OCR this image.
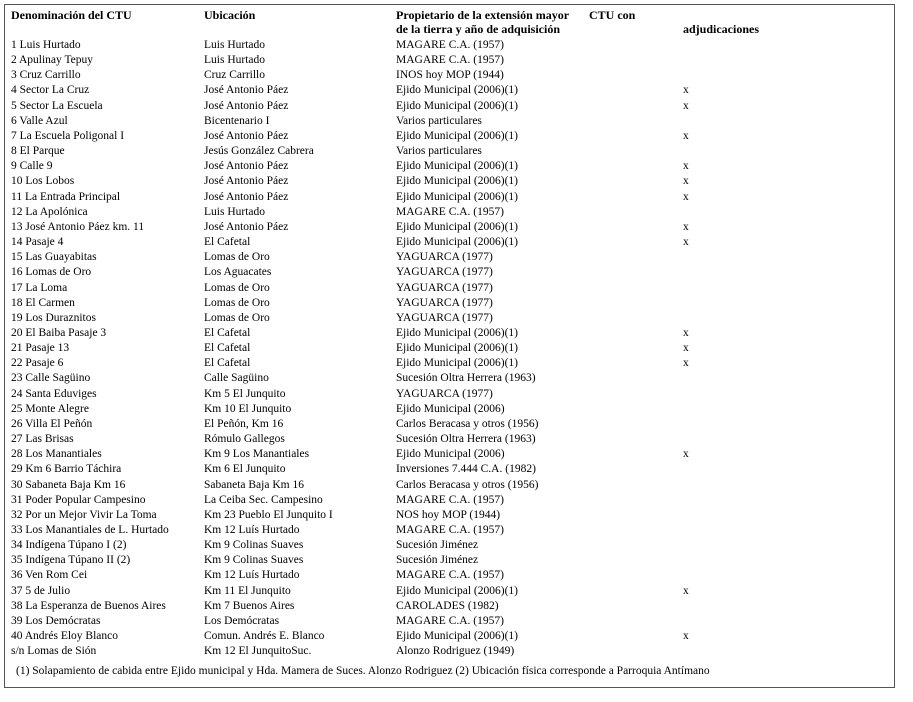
Denominación del CTU	Ubicación	Propietario de la extensión mayor
de la tierra y año de adquisición
CTU con
adjudicaciones
1 Luis Hurtado	Luis Hurtado	MAGARE C.A. (1957)
2 Apulinay Tepuy	Luis Hurtado	MAGARE C.A. (1957)
3 Cruz Carrillo	Cruz Carrillo	INOS hoy MOP (1944)
4 Sector La Cruz	José Antonio Páez	Ejido Municipal (2006)(1)	x
5 Sector La Escuela	José Antonio Páez	Ejido Municipal (2006)(1)	x
6 Valle Azul	Bicentenario I	Varios particulares
7 La Escuela Poligonal I	José Antonio Páez	Ejido Municipal (2006)(1)	x
8 El Parque	Jesús González Cabrera	Varios particulares
9 Calle 9	José Antonio Páez	Ejido Municipal (2006)(1)	x
10 Los Lobos	José Antonio Páez	Ejido Municipal (2006)(1)	x
11 La Entrada Principal	José Antonio Páez	Ejido Municipal (2006)(1)	x
12 La Apolónica	Luis Hurtado	MAGARE C.A. (1957)
13 José Antonio Páez km. 11	José Antonio Páez	Ejido Municipal (2006)(1)	x
14 Pasaje 4	El Cafetal	Ejido Municipal (2006)(1)	x
15 Las Guayabitas	Lomas de Oro	YAGUARCA (1977)
16 Lomas de Oro	Los Aguacates	YAGUARCA (1977)
17 La Loma	Lomas de Oro	YAGUARCA (1977)
18 El Carmen	Lomas de Oro	YAGUARCA (1977)
19 Los Duraznitos	Lomas de Oro	YAGUARCA (1977)
20 El Baiba Pasaje 3	El Cafetal	Ejido Municipal (2006)(1)	x
21 Pasaje 13	El Cafetal	Ejido Municipal (2006)(1)	x
22 Pasaje 6	El Cafetal	Ejido Municipal (2006)(1)	x
23 Calle Sagüino	Calle Sagüino	Sucesión Oltra Herrera (1963)
24 Santa Eduviges	Km 5 El Junquito	YAGUARCA (1977)
25 Monte Alegre	Km 10 El Junquito	Ejido Municipal (2006)
26 Villa El Peñón	El Peñón, Km 16	Carlos Beracasa y otros (1956)
27 Las Brisas	Rómulo Gallegos	Sucesión Oltra Herrera (1963)
28 Los Manantiales	Km 9 Los Manantiales	Ejido Municipal (2006)	x
29 Km 6 Barrio Táchira	Km 6 El Junquito	Inversiones 7.444 C.A. (1982)
30 Sabaneta Baja Km 16	Sabaneta Baja Km 16	Carlos Beracasa y otros (1956)
31 Poder Popular Campesino	La Ceiba Sec. Campesino	MAGARE C.A. (1957)
32 Por un Mejor Vivir La Toma	Km 23 Pueblo El Junquito I	NOS hoy MOP (1944)
33 Los Manantiales de L. Hurtado	Km 12 Luís Hurtado	MAGARE C.A. (1957)
34 Indígena Túpano I (2)	Km 9 Colinas Suaves	Sucesión Jiménez
35 Indígena Túpano II (2)	Km 9 Colinas Suaves	Sucesión Jiménez
36 Ven Rom Cei	Km 12 Luís Hurtado	MAGARE C.A. (1957)
37 5 de Julio	Km 11 El Junquito	Ejido Municipal (2006)(1)	x
38 La Esperanza de Buenos Aires	Km 7 Buenos Aires	CAROLADES (1982)
39 Los Demócratas	Los Demócratas	MAGARE C.A. (1957)
40 Andrés Eloy Blanco	Comun. Andrés E. Blanco	Ejido Municipal (2006)(1)	x
s/n Lomas de Sión	Km 12 El JunquitoSuc.	Alonzo Rodriguez (1949)
(1) Solapamiento de cabida entre Ejido municipal y Hda. Mamera de Suces. Alonzo Rodriguez (2) Ubicación física corresponde a Parroquia Antímano
